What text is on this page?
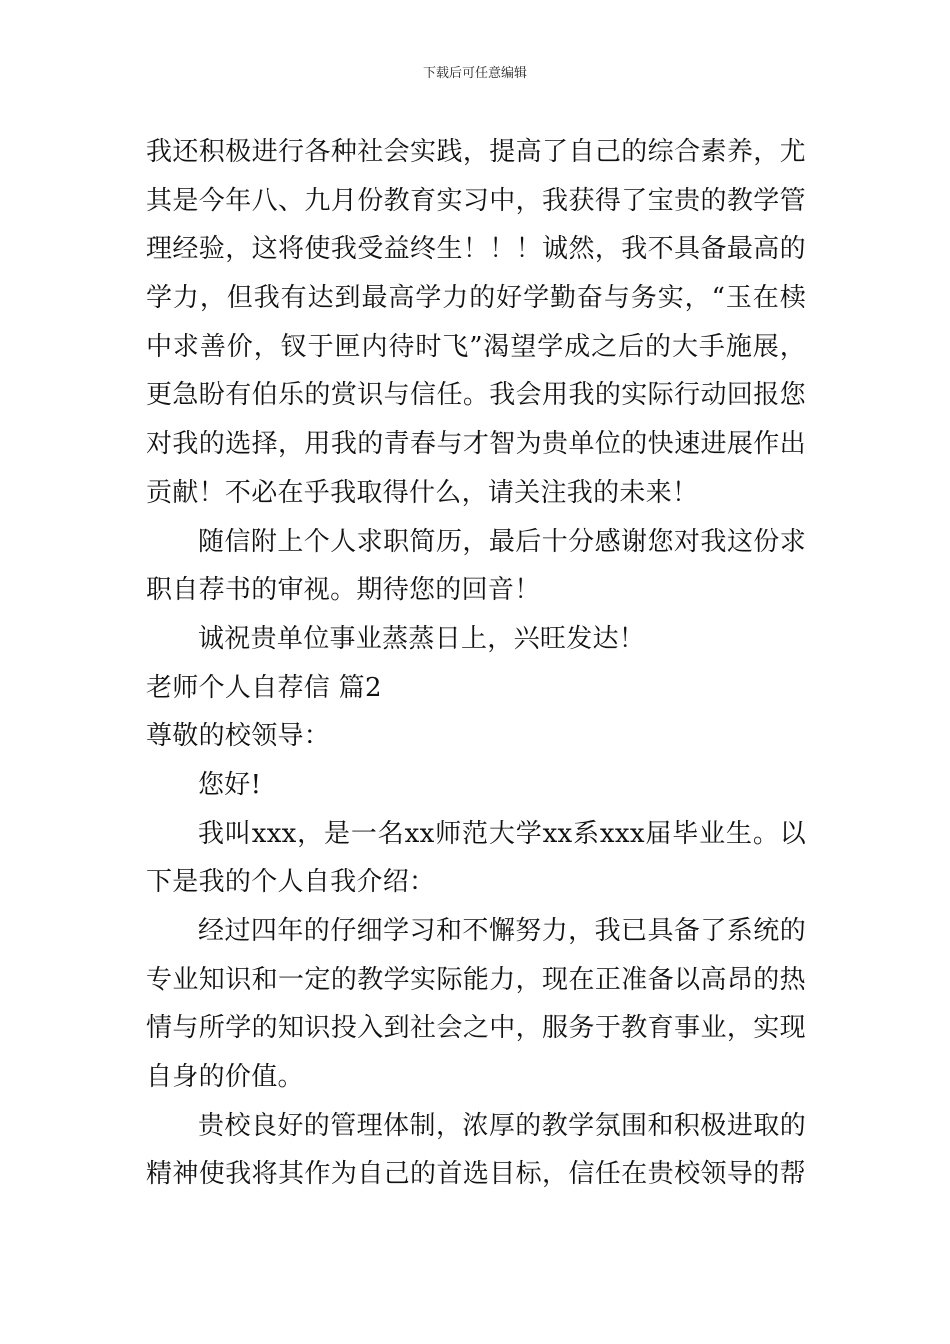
下载后可任意编辑
我还积极进行各种社会实践，提高了自己的综合素养，尤
其是今年八、九月份教育实习中，我获得了宝贵的教学管
理经验，这将使我受益终生！！！诚然，我不具备最高的
学力，但我有达到最高学力的好学勤奋与务实，“玉在椟
中求善价，钗于匣内待时飞”渴望学成之后的大手施展，
更急盼有伯乐的赏识与信任。我会用我的实际行动回报您
对我的选择，用我的青春与才智为贵单位的快速进展作出
贡献！不必在乎我取得什么，请关注我的未来！
随信附上个人求职简历，最后十分感谢您对我这份求
职自荐书的审视。期待您的回音！
诚祝贵单位事业蒸蒸日上，兴旺发达！
老师个人自荐信 篇2
尊敬的校领导：
您好!
我叫xxx，是一名xx师范大学xx系xxx届毕业生。以
下是我的个人自我介绍：
经过四年的仔细学习和不懈努力，我已具备了系统的
专业知识和一定的教学实际能力，现在正准备以高昂的热
情与所学的知识投入到社会之中，服务于教育事业，实现
自身的价值。
贵校良好的管理体制，浓厚的教学氛围和积极进取的
精神使我将其作为自己的首选目标，信任在贵校领导的帮
